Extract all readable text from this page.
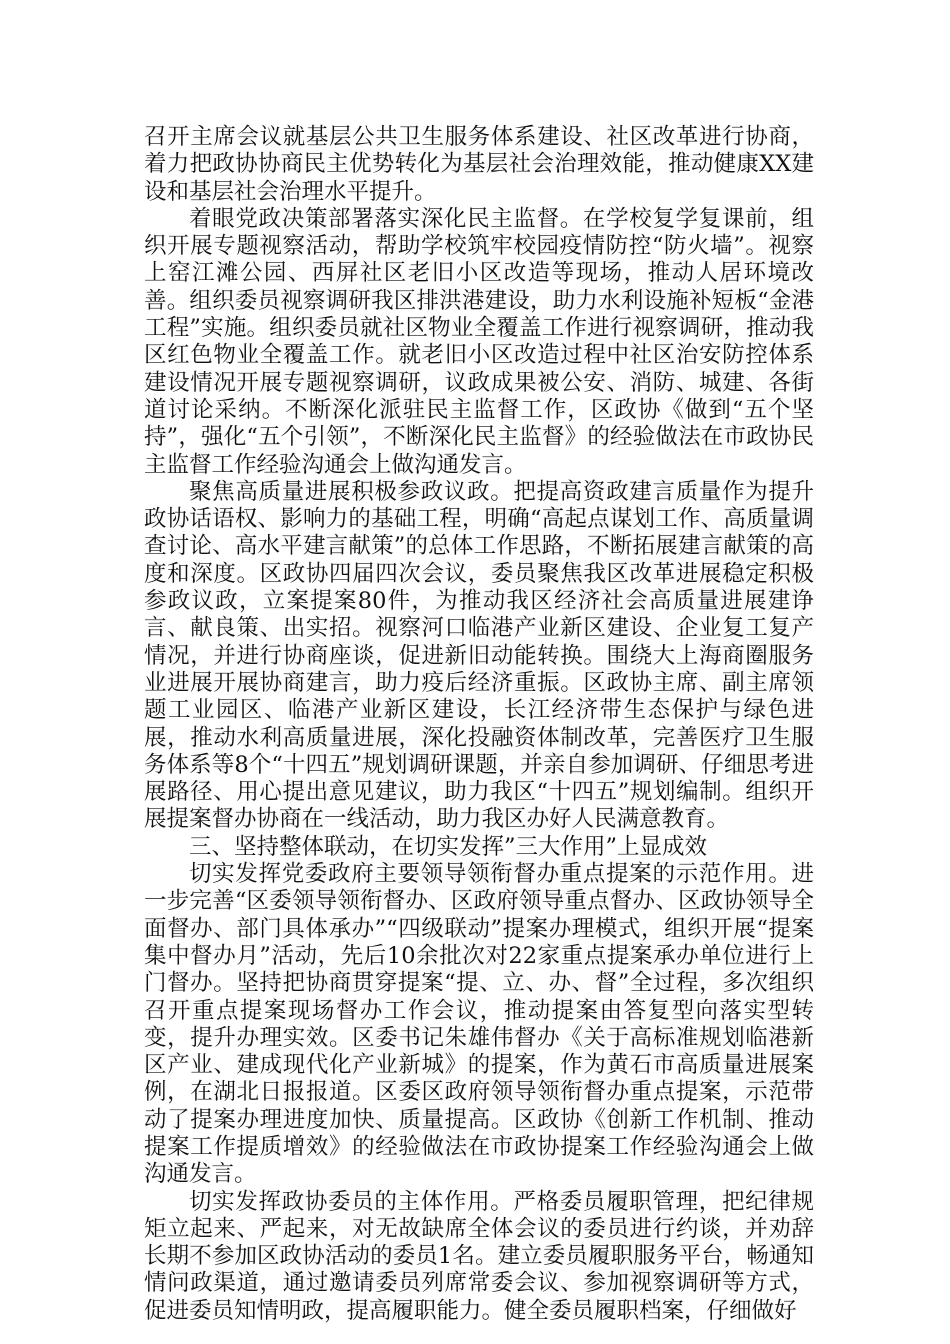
召开主席会议就基层公共卫生服务体系建设、社区改革进行协商，着力把政协协商民主优势转化为基层社会治理效能，推动健康XX建设和基层社会治理水平提升。

着眼党政决策部署落实深化民主监督。在学校复学复课前，组织开展专题视察活动，帮助学校筑牢校园疫情防控“防火墙”。视察上窑江滩公园、西屏社区老旧小区改造等现场，推动人居环境改善。组织委员视察调研我区排洪港建设，助力水利设施补短板“金港工程”实施。组织委员就社区物业全覆盖工作进行视察调研，推动我区红色物业全覆盖工作。就老旧小区改造过程中社区治安防控体系建设情况开展专题视察调研，议政成果被公安、消防、城建、各街道讨论采纳。不断深化派驻民主监督工作，区政协《做到“五个坚持”，强化“五个引领”，不断深化民主监督》的经验做法在市政协民主监督工作经验沟通会上做沟通发言。

聚焦高质量进展积极参政议政。把提高资政建言质量作为提升政协话语权、影响力的基础工程，明确“高起点谋划工作、高质量调查讨论、高水平建言献策”的总体工作思路，不断拓展建言献策的高度和深度。区政协四届四次会议，委员聚焦我区改革进展稳定积极参政议政，立案提案80件，为推动我区经济社会高质量进展建诤言、献良策、出实招。视察河口临港产业新区建设、企业复工复产情况，并进行协商座谈，促进新旧动能转换。围绕大上海商圈服务业进展开展协商建言，助力疫后经济重振。区政协主席、副主席领题工业园区、临港产业新区建设，长江经济带生态保护与绿色进展，推动水利高质量进展，深化投融资体制改革，完善医疗卫生服务体系等8个“十四五”规划调研课题，并亲自参加调研、仔细思考进展路径、用心提出意见建议，助力我区“十四五”规划编制。组织开展提案督办协商在一线活动，助力我区办好人民满意教育。

三、坚持整体联动，在切实发挥”三大作用”上显成效

切实发挥党委政府主要领导领衔督办重点提案的示范作用。进一步完善“区委领导领衔督办、区政府领导重点督办、区政协领导全面督办、部门具体承办”“四级联动”提案办理模式，组织开展“提案集中督办月”活动，先后10余批次对22家重点提案承办单位进行上门督办。坚持把协商贯穿提案“提、立、办、督”全过程，多次组织召开重点提案现场督办工作会议，推动提案由答复型向落实型转变，提升办理实效。区委书记朱雄伟督办《关于高标准规划临港新区产业、建成现代化产业新城》的提案，作为黄石市高质量进展案例，在湖北日报报道。区委区政府领导领衔督办重点提案，示范带动了提案办理进度加快、质量提高。区政协《创新工作机制、推动提案工作提质增效》的经验做法在市政协提案工作经验沟通会上做沟通发言。

切实发挥政协委员的主体作用。严格委员履职管理，把纪律规矩立起来、严起来，对无故缺席全体会议的委员进行约谈，并劝辞长期不参加区政协活动的委员1名。建立委员履职服务平台，畅通知情问政渠道，通过邀请委员列席常委会议、参加视察调研等方式，促进委员知情明政，提高履职能力。健全委员履职档案，仔细做好
